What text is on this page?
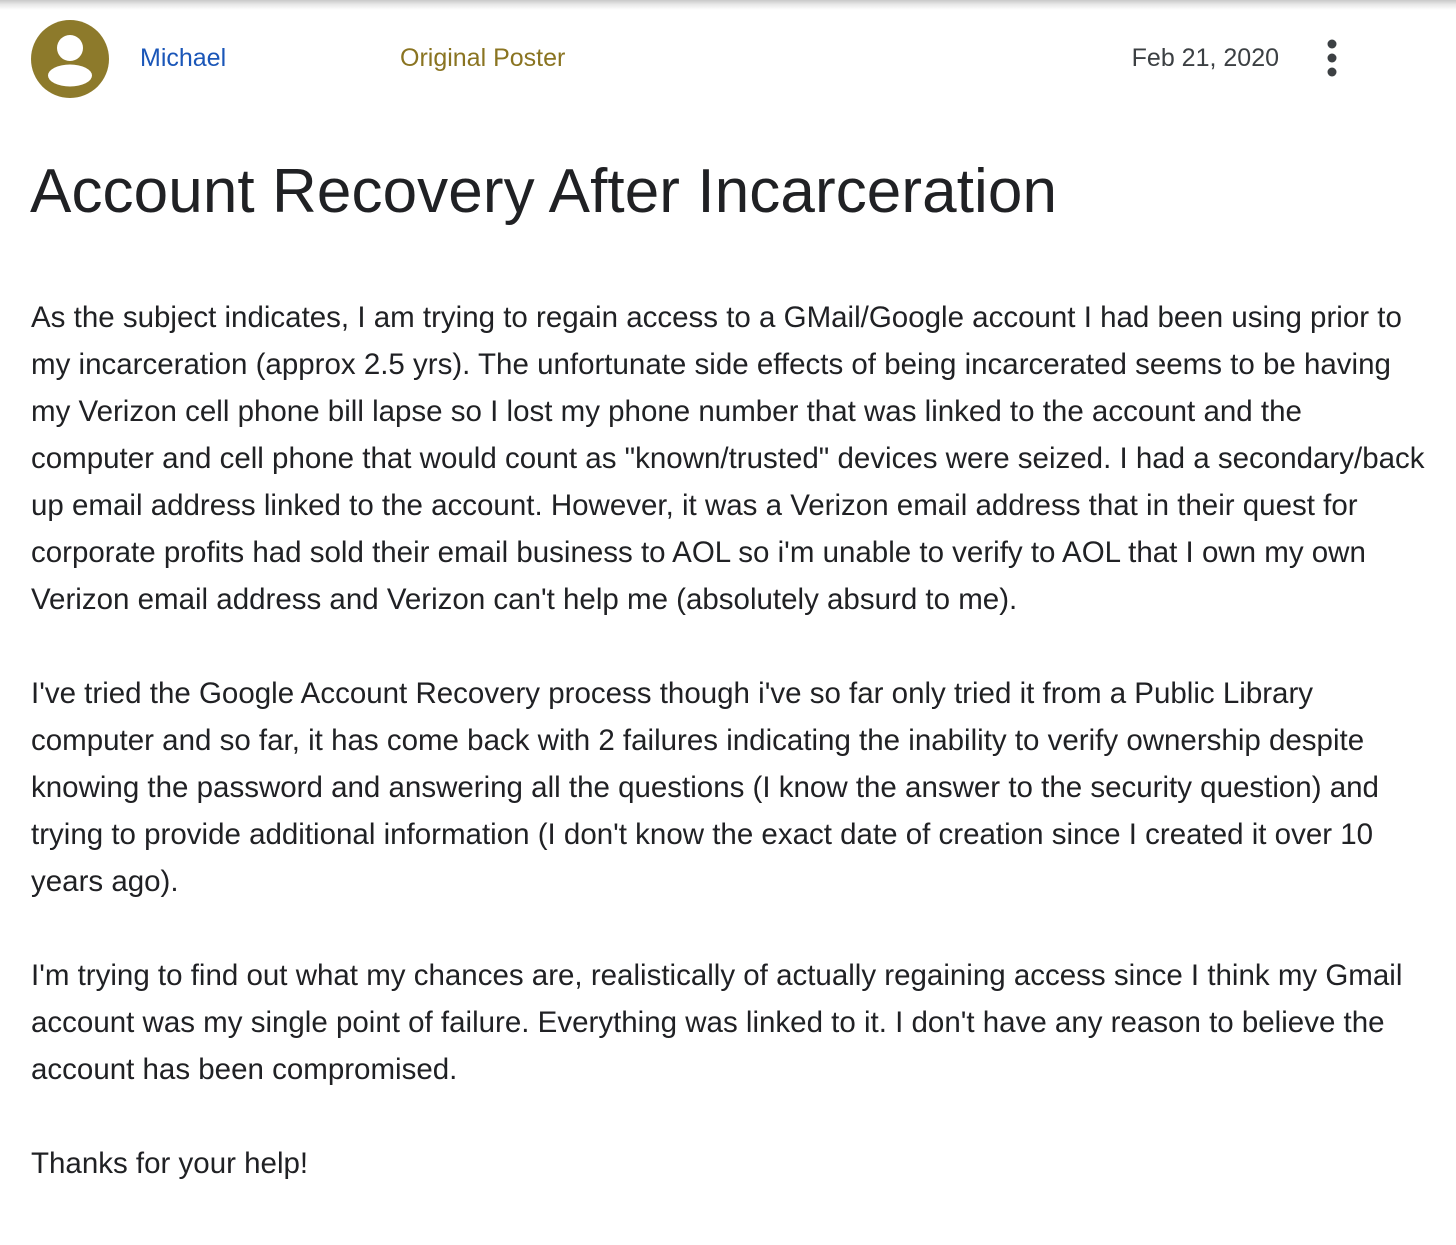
Michael	Original Poster	Feb 21, 2020
Account Recovery After Incarceration

As the subject indicates, I am trying to regain access to a GMail/Google account I had been using prior to my incarceration (approx 2.5 yrs). The unfortunate side effects of being incarcerated seems to be having my Verizon cell phone bill lapse so I lost my phone number that was linked to the account and the computer and cell phone that would count as "known/trusted" devices were seized. I had a secondary/back up email address linked to the account. However, it was a Verizon email address that in their quest for corporate profits had sold their email business to AOL so i'm unable to verify to AOL that I own my own Verizon email address and Verizon can't help me (absolutely absurd to me).

I've tried the Google Account Recovery process though i've so far only tried it from a Public Library computer and so far, it has come back with 2 failures indicating the inability to verify ownership despite knowing the password and answering all the questions (I know the answer to the security question) and trying to provide additional information (I don't know the exact date of creation since I created it over 10 years ago).

I'm trying to find out what my chances are, realistically of actually regaining access since I think my Gmail account was my single point of failure. Everything was linked to it. I don't have any reason to believe the account has been compromised.

Thanks for your help!
